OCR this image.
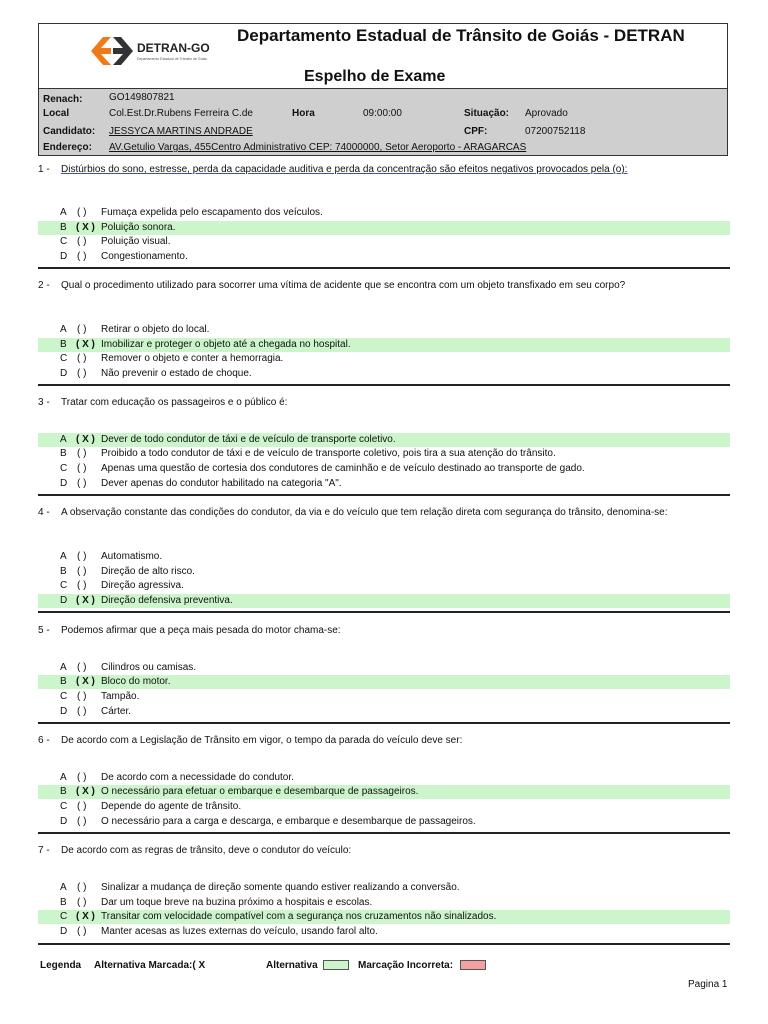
DETRAN-GO
Departamento Estadual de Trânsito de Goiás
Departamento Estadual de Trânsito de Goiás - DETRAN
Espelho de Exame
Renach:	GO149807821
Local	Col.Est.Dr.Rubens Ferreira C.de	Hora	09:00:00	Situação: Aprovado
Candidato: JESSYCA MARTINS ANDRADE	CPF:	07200752118
Endereço: AV.Getulio Vargas, 455Centro Administrativo CEP: 74000000, Setor Aeroporto - ARAGARCAS
1 - Distúrbios do sono, estresse, perda da capacidade auditiva e perda da concentração são efeitos negativos provocados pela (o):
A ( ) Fumaça expelida pelo escapamento dos veículos.
B ( X ) Poluição sonora.
C ( ) Poluição visual.
D ( ) Congestionamento.
2 - Qual o procedimento utilizado para socorrer uma vítima de acidente que se encontra com um objeto transfixado em seu corpo?
A ( ) Retirar o objeto do local.
B ( X ) Imobilizar e proteger o objeto até a chegada no hospital.
C ( ) Remover o objeto e conter a hemorragia.
D ( ) Não prevenir o estado de choque.
3 - Tratar com educação os passageiros e o público é:
A ( X ) Dever de todo condutor de táxi e de veículo de transporte coletivo.
B ( ) Proibido a todo condutor de táxi e de veículo de transporte coletivo, pois tira a sua atenção do trânsito.
C ( ) Apenas uma questão de cortesia dos condutores de caminhão e de veículo destinado ao transporte de gado.
D ( ) Dever apenas do condutor habilitado na categoria "A".
4 - A observação constante das condições do condutor, da via e do veículo que tem relação direta com segurança do trânsito, denomina-se:
A ( ) Automatismo.
B ( ) Direção de alto risco.
C ( ) Direção agressiva.
D ( X ) Direção defensiva preventiva.
5 - Podemos afirmar que a peça mais pesada do motor chama-se:
A ( ) Cilindros ou camisas.
B ( X ) Bloco do motor.
C ( ) Tampão.
D ( ) Cárter.
6 - De acordo com a Legislação de Trânsito em vigor, o tempo da parada do veículo deve ser:
A ( ) De acordo com a necessidade do condutor.
B ( X ) O necessário para efetuar o embarque e desembarque de passageiros.
C ( ) Depende do agente de trânsito.
D ( ) O necessário para a carga e descarga, e embarque e desembarque de passageiros.
7 - De acordo com as regras de trânsito, deve o condutor do veículo:
A ( ) Sinalizar a mudança de direção somente quando estiver realizando a conversão.
B ( ) Dar um toque breve na buzina próximo a hospitais e escolas.
C ( X ) Transitar com velocidade compatível com a segurança nos cruzamentos não sinalizados.
D ( ) Manter acesas as luzes externas do veículo, usando farol alto.
Legenda Alternativa Marcada:( X	Alternativa	Marcação Incorreta:
Pagina 1
